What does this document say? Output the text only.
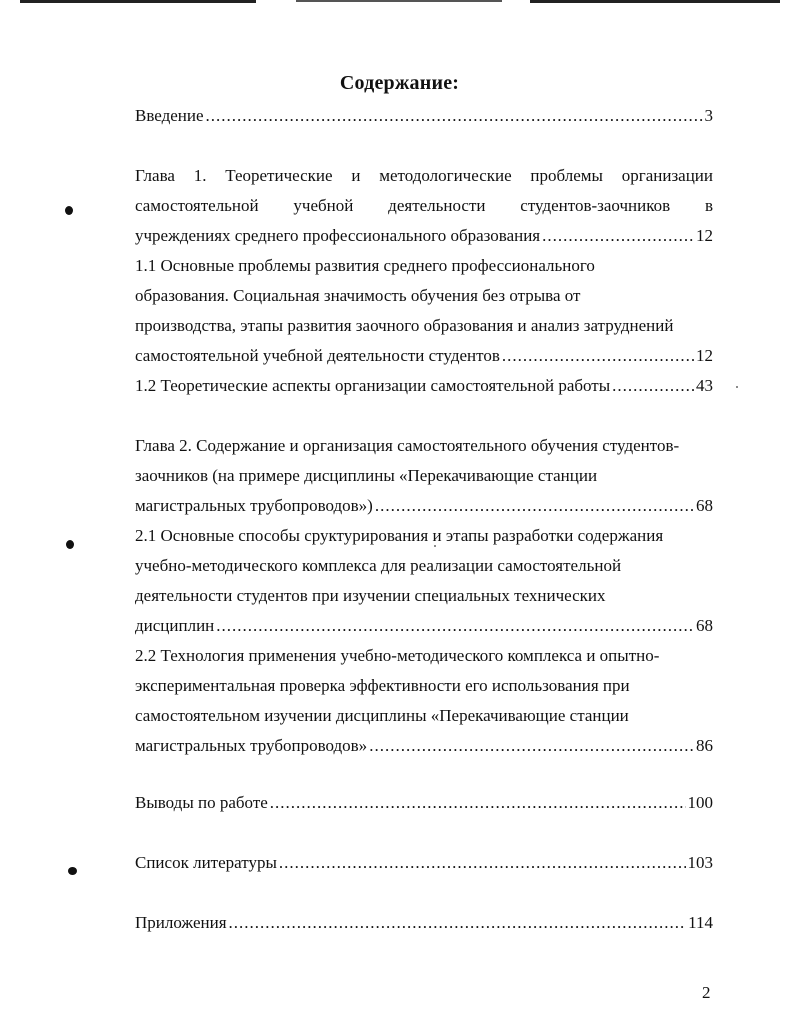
Содержание:
Введение .....	3
Глава 1. Теоретические и методологические проблемы организации
самостоятельной учебной деятельности студентов-заочников в
учреждениях среднего профессионального образования .....	12
1.1 Основные проблемы развития среднего профессионального
образования. Социальная значимость обучения без отрыва от
производства, этапы развития заочного образования и анализ затруднений
самостоятельной учебной деятельности студентов .....	12
1.2 Теоретические аспекты организации самостоятельной работы .....	43
Глава 2. Содержание и организация самостоятельного обучения студентов-
заочников (на примере дисциплины «Перекачивающие станции
магистральных трубопроводов») .....	68
2.1 Основные способы сруктурирования и этапы разработки содержания
учебно-методического комплекса для реализации самостоятельной
деятельности студентов при изучении специальных технических
дисциплин .....	68
2.2 Технология применения учебно-методического комплекса и опытно-
экспериментальная проверка эффективности его использования при
самостоятельном изучении дисциплины «Перекачивающие станции
магистральных трубопроводов» .....	86
Выводы по работе .....	100
Список литературы .....	103
Приложения .....	114
2
